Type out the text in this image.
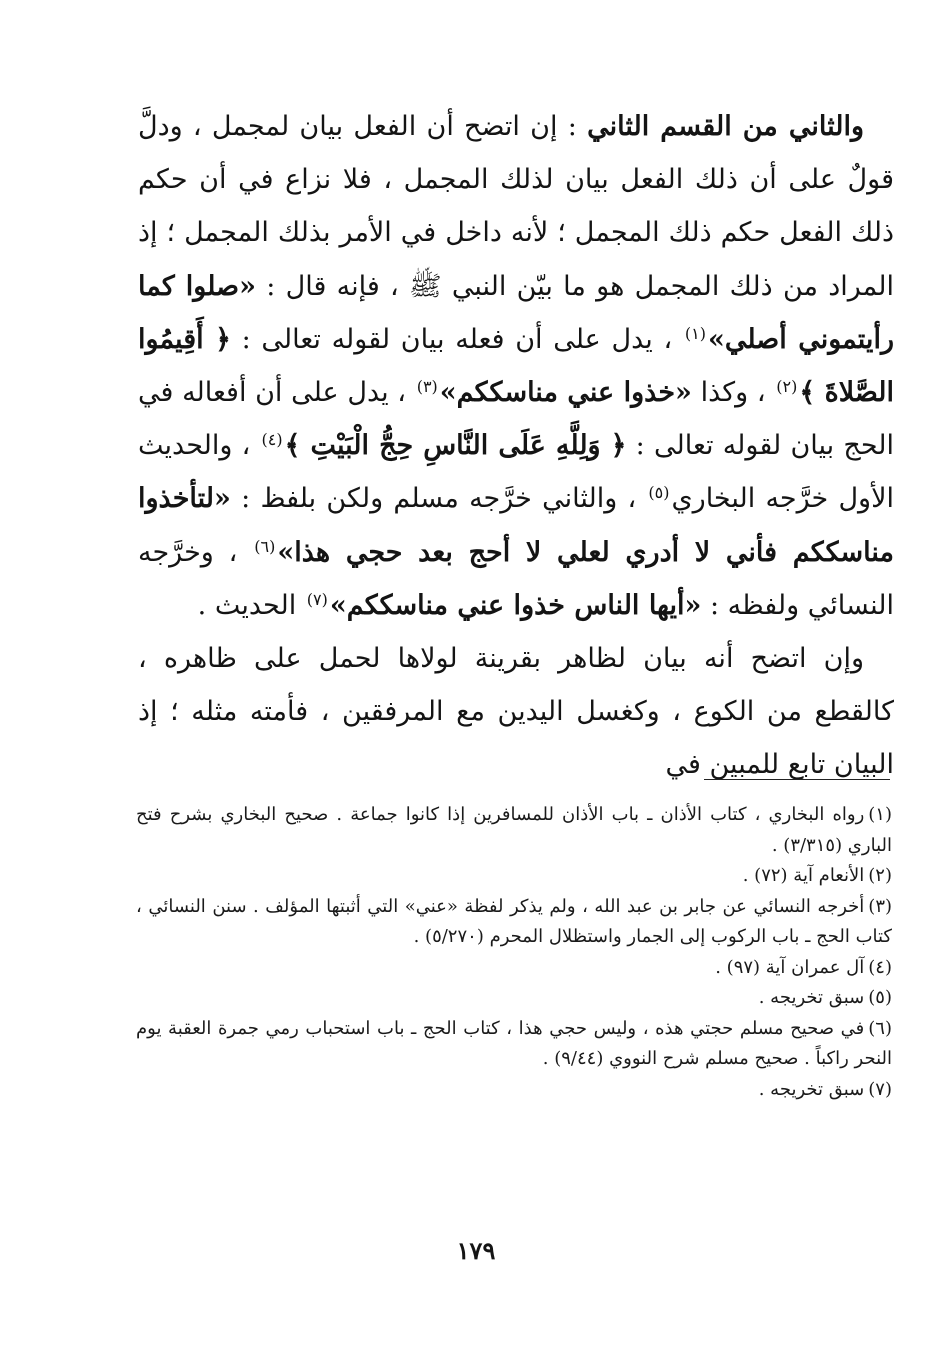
والثاني من القسم الثاني : إن اتضح أن الفعل بيان لمجمل ، ودلَّ قولٌ على أن ذلك الفعل بيان لذلك المجمل ، فلا نزاع في أن حكم ذلك الفعل حكم ذلك المجمل ؛ لأنه داخل في الأمر بذلك المجمل ؛ إذ المراد من ذلك المجمل هو ما بيّن النبي ﷺ ، فإنه قال : «صلوا كما رأيتموني أصلي»$^{(١)}$ ، يدل على أن فعله بيان لقوله تعالى : ﴿ أَقِيمُوا الصَّلاةَ ﴾$^{(٢)}$ ، وكذا «خذوا عني مناسككم»$^{(٣)}$ ، يدل على أن أفعاله في الحج بيان لقوله تعالى : ﴿ وَلِلَّهِ عَلَى النَّاسِ حِجُّ الْبَيْتِ ﴾$^{(٤)}$ ، والحديث الأول خرَّجه البخاري$^{(٥)}$ ، والثاني خرَّجه مسلم ولكن بلفظ : «لتأخذوا مناسككم فأني لا أدري لعلي لا أحج بعد حجي هذا»$^{(٦)}$ ، وخرَّجه النسائي ولفظه : «أيها الناس خذوا عني مناسككم»$^{(٧)}$ الحديث .

وإن اتضح أنه بيان لظاهر بقرينة لولاها لحمل على ظاهره ، كالقطع من الكوع ، وكغسل اليدين مع المرفقين ، فأمته مثله ؛ إذ البيان تابع للمبين في

(١)رواه البخاري ، كتاب الأذان ـ باب الأذان للمسافرين إذا كانوا جماعة . صحيح البخاري بشرح فتح الباري (٣/٣١٥) .

(٢)الأنعام آية (٧٢) .

(٣)أخرجه النسائي عن جابر بن عبد الله ، ولم يذكر لفظة «عني» التي أثبتها المؤلف . سنن النسائي ، كتاب الحج ـ باب الركوب إلى الجمار واستظلال المحرم (٥/٢٧٠) .

(٤)آل عمران آية (٩٧) .

(٥)سبق تخريجه .

(٦)في صحيح مسلم حجتي هذه ، وليس حجي هذا ، كتاب الحج ـ باب استحباب رمي جمرة العقبة يوم النحر راكباً . صحيح مسلم شرح النووي (٩/٤٤) .

(٧)سبق تخريجه .

١٧٩
